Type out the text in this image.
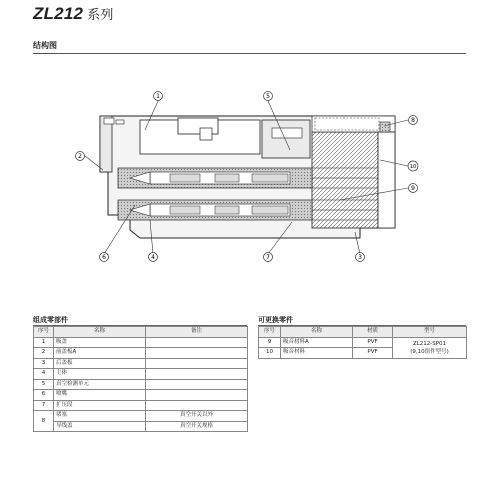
ZL212 系列
结构图
1
2
3
4
5
6	7
8
9
10
组成零部件
序号	名称	备注
1	吸盖	
2	前盖板A	
3	后盖板	
4	主体	
5	真空检测单元	
6	喷嘴	
7	扩压段	
8	堵塞	真空开关以外
	导线盖	真空开关规格
可更换零件
序号	名称	材质	型号
9	吸音材料A	PVF	ZL212-SP01
(9,10组件型号)

10	吸音材料	PVF	
